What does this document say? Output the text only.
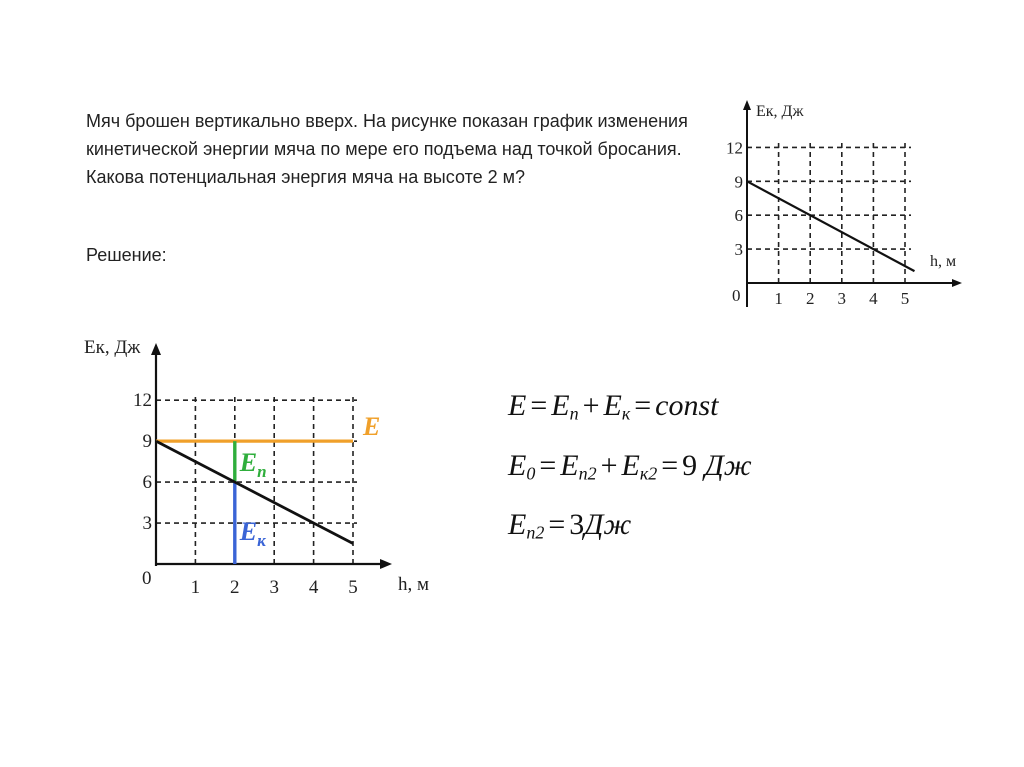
Мяч брошен вертикально вверх. На рисунке показан график изменения кинетической энергии мяча по мере его подъема над точкой бросания. Какова потенциальная энергия мяча на высоте 2 м?

Решение:

Eк, Дж
h, м
0 1 2 3 4 5
3
6
9
12
Eк, Дж
h, м
0 1 2 3 4 5
3
6
9
12
E
$E_п$
$E_к$
$E = E_п + E_к$ = const
$E_0 = E_{п2} + E_{к2} = 9$ Дж
$E_{п2} = 3Дж$
